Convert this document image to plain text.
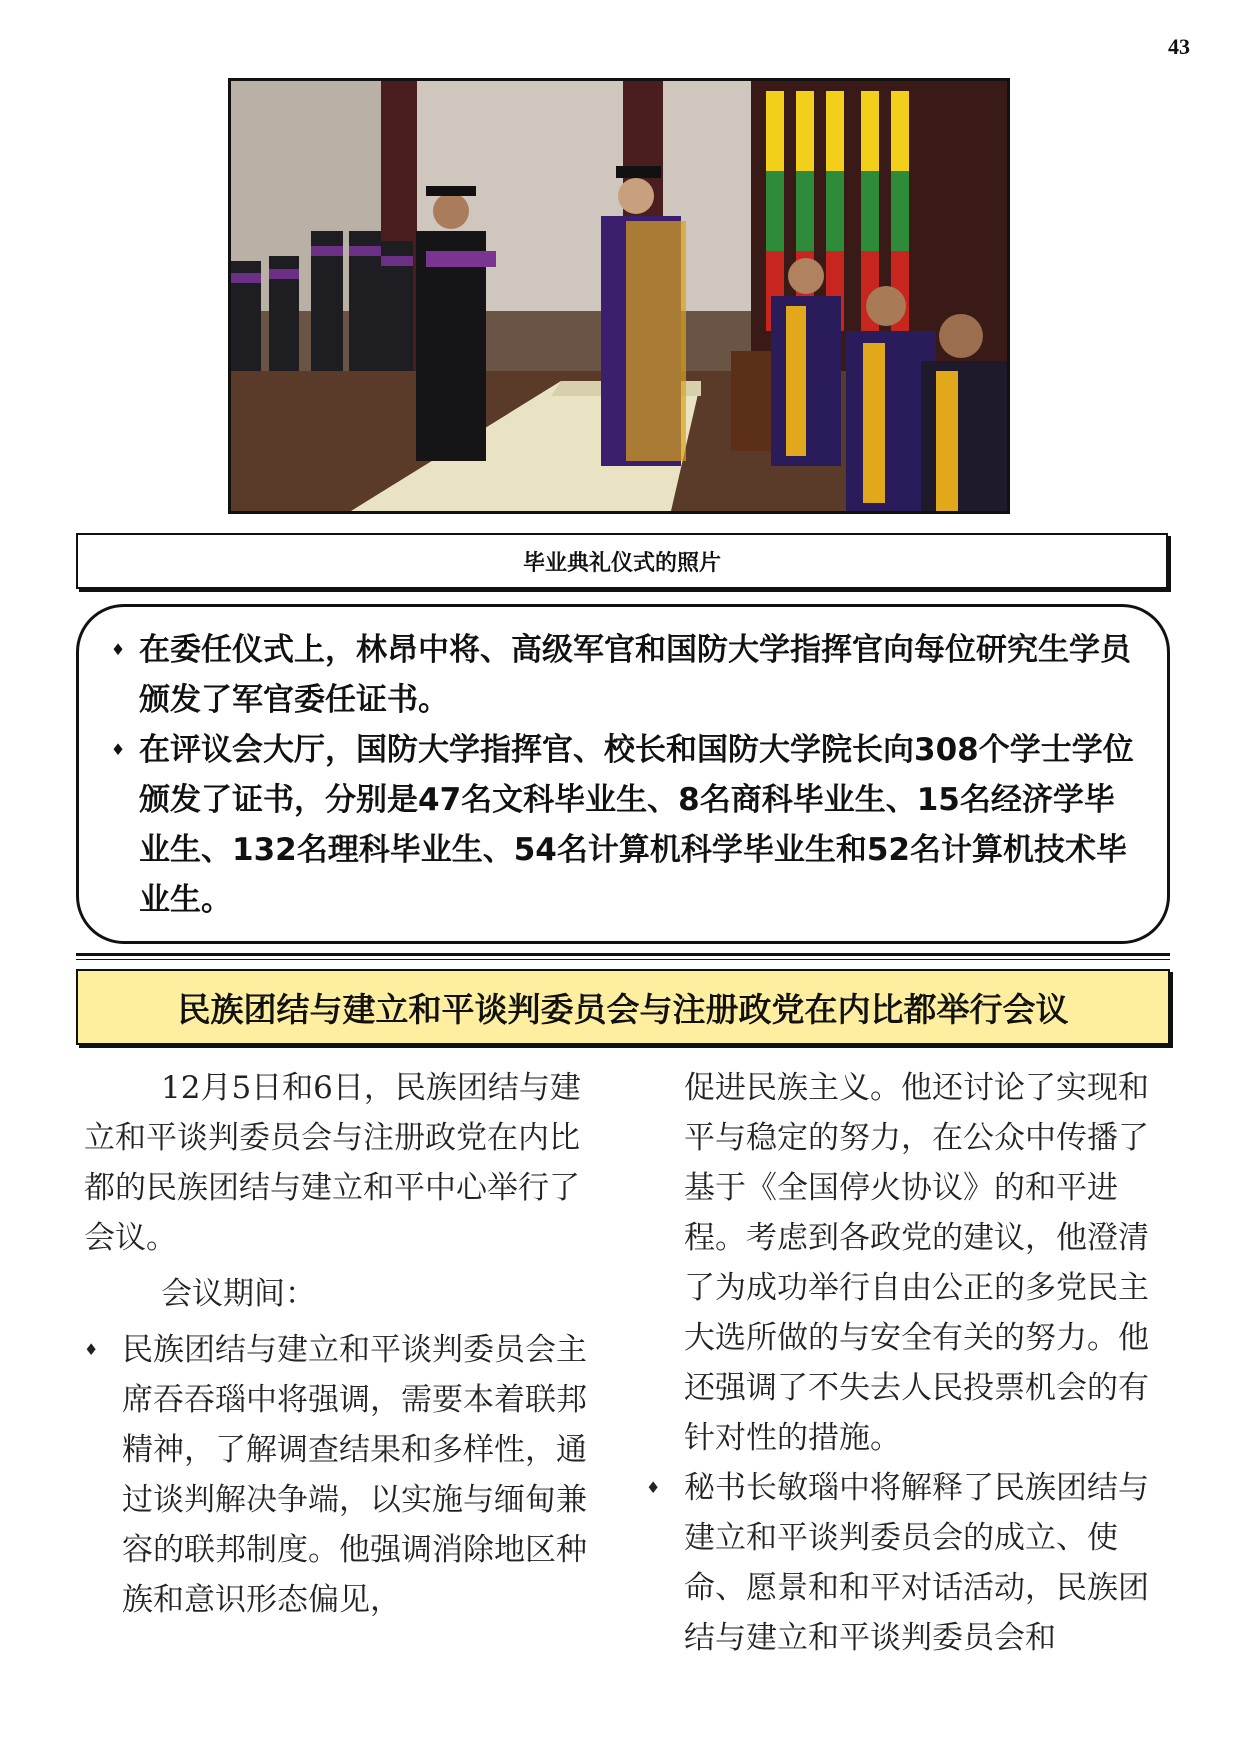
43
毕业典礼仪式的照片
♦ 在委任仪式上，林昂中将、高级军官和国防大学指挥官向每位研究生学员颁发了军官委任证书。
♦ 在评议会大厅，国防大学指挥官、校长和国防大学院长向308个学士学位颁发了证书，分别是47名文科毕业生、8名商科毕业生、15名经济学毕业生、132名理科毕业生、54名计算机科学毕业生和52名计算机技术毕业生。
民族团结与建立和平谈判委员会与注册政党在内比都举行会议

12月5日和6日，民族团结与建立和平谈判委员会与注册政党在内比都的民族团结与建立和平中心举行了会议。

会议期间：

♦ 民族团结与建立和平谈判委员会主席吞吞瑙中将强调，需要本着联邦精神，了解调查结果和多样性，通过谈判解决争端，以实施与缅甸兼容的联邦制度。他强调消除地区种族和意识形态偏见，
促进民族主义。他还讨论了实现和平与稳定的努力，在公众中传播了基于《全国停火协议》的和平进程。考虑到各政党的建议，他澄清了为成功举行自由公正的多党民主大选所做的与安全有关的努力。他还强调了不失去人民投票机会的有针对性的措施。
♦ 秘书长敏瑙中将解释了民族团结与建立和平谈判委员会的成立、使命、愿景和和平对话活动，民族团结与建立和平谈判委员会和
